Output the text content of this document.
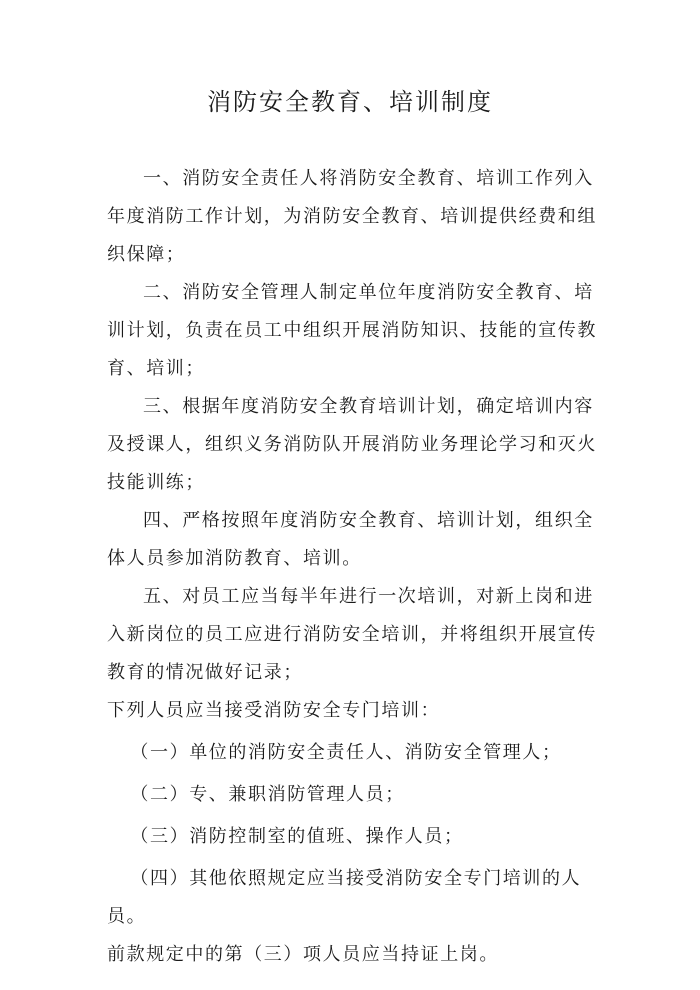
消防安全教育、培训制度

一、消防安全责任人将消防安全教育、培训工作列入年度消防工作计划，为消防安全教育、培训提供经费和组织保障；

二、消防安全管理人制定单位年度消防安全教育、培训计划，负责在员工中组织开展消防知识、技能的宣传教育、培训；

三、根据年度消防安全教育培训计划，确定培训内容及授课人，组织义务消防队开展消防业务理论学习和灭火技能训练；

四、严格按照年度消防安全教育、培训计划，组织全体人员参加消防教育、培训。

五、对员工应当每半年进行一次培训，对新上岗和进入新岗位的员工应进行消防安全培训，并将组织开展宣传教育的情况做好记录；

下列人员应当接受消防安全专门培训：

（一）单位的消防安全责任人、消防安全管理人；

（二）专、兼职消防管理人员；

（三）消防控制室的值班、操作人员；

（四）其他依照规定应当接受消防安全专门培训的人员。

前款规定中的第（三）项人员应当持证上岗。
